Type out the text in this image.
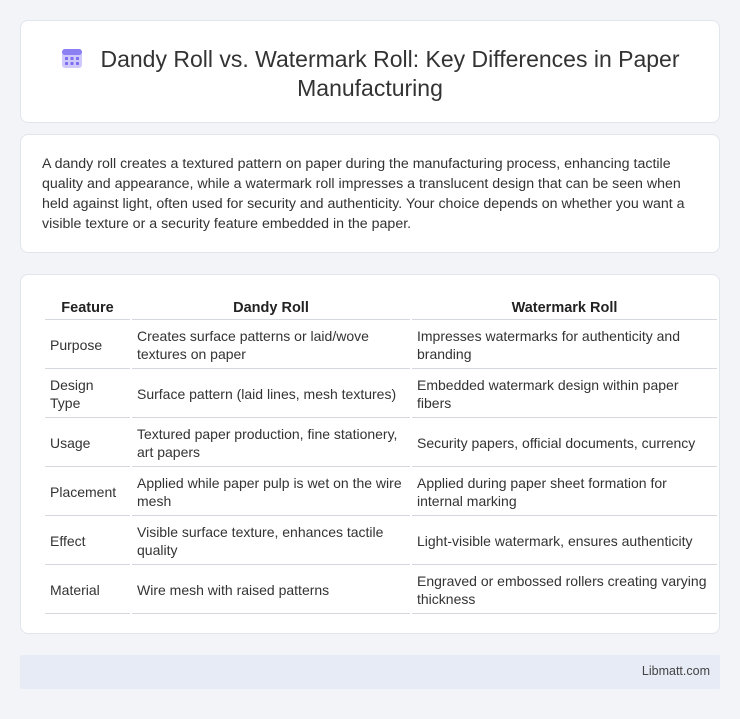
Dandy Roll vs. Watermark Roll: Key Differences in Paper Manufacturing

A dandy roll creates a textured pattern on paper during the manufacturing process, enhancing tactile quality and appearance, while a watermark roll impresses a translucent design that can be seen when held against light, often used for security and authenticity. Your choice depends on whether you want a visible texture or a security feature embedded in the paper.

Feature	Dandy Roll	Watermark Roll
Purpose	Creates surface patterns or laid/wove textures on paper	Impresses watermarks for authenticity and branding
Design Type	Surface pattern (laid lines, mesh textures)	Embedded watermark design within paper fibers
Usage	Textured paper production, fine stationery, art papers	Security papers, official documents, currency
Placement	Applied while paper pulp is wet on the wire mesh	Applied during paper sheet formation for internal marking
Effect	Visible surface texture, enhances tactile quality	Light-visible watermark, ensures authenticity
Material	Wire mesh with raised patterns	Engraved or embossed rollers creating varying thickness
Libmatt.com
